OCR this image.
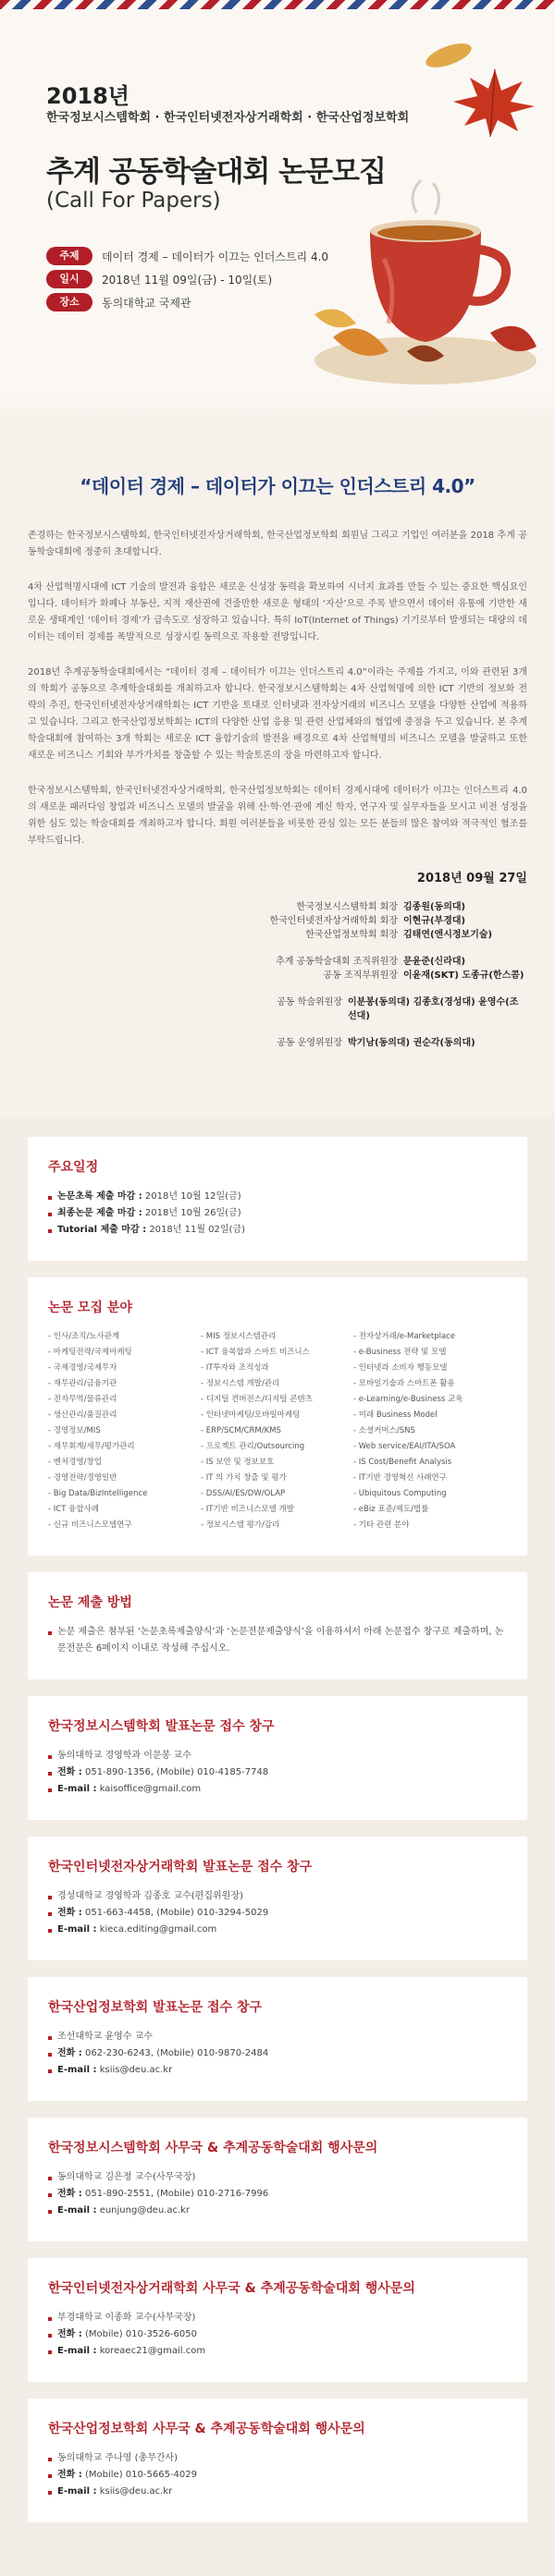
2018년
한국정보시스템학회 · 한국인터넷전자상거래학회 · 한국산업정보학회
추계 공동학술대회 논문모집
(Call For Papers)
주제	데이터 경제 – 데이터가 이끄는 인더스트리 4.0
일시	2018년 11월 09일(금) - 10일(토)
장소	동의대학교 국제관
“데이터 경제 – 데이터가 이끄는 인더스트리 4.0”

존경하는 한국정보시스템학회, 한국인터넷전자상거래학회, 한국산업정보학회 회원님 그리고 기업인 여러분을 2018 추계 공동학술대회에 정중히 초대합니다.

4차 산업혁명시대에 ICT 기술의 발전과 융합은 새로운 신성장 동력을 확보하여 시너지 효과를 만들 수 있는 중요한 핵심요인입니다. 데이터가 화폐나 부동산, 지적 재산권에 견줄만한 새로운 형태의 ‘자산’으로 주목 받으면서 데이터 유통에 기반한 새로운 생태계인 ‘데이터 경제’가 급속도로 성장하고 있습니다. 특히 IoT(Internet of Things) 기기로부터 발생되는 대량의 데이터는 데이터 경제를 폭발적으로 성장시킬 동력으로 작용할 전망입니다.

2018년 추계공동학술대회에서는 “데이터 경제 – 데이터가 이끄는 인더스트리 4.0”이라는 주제를 가지고, 이와 관련된 3개의 학회가 공동으로 추계학술대회를 개최하고자 합니다. 한국정보시스템학회는 4차 산업혁명에 의한 ICT 기반의 정보화 전략의 추진, 한국인터넷전자상거래학회는 ICT 기반을 토대로 인터넷과 전자상거래의 비즈니스 모델을 다양한 산업에 적용하고 있습니다. 그리고 한국산업정보학회는 ICT의 다양한 산업 응용 및 관련 산업체와의 협업에 중점을 두고 있습니다. 본 추계학술대회에 참여하는 3개 학회는 새로운 ICT 융합기술의 발전을 배경으로 4차 산업혁명의 비즈니스 모델을 발굴하고 또한 새로운 비즈니스 기회와 부가가치를 창출할 수 있는 학술토론의 장을 마련하고자 합니다.

한국정보시스템학회, 한국인터넷전자상거래학회, 한국산업정보학회는 데이터 경제시대에 데이터가 이끄는 인더스트리 4.0의 새로운 패러다임 창업과 비즈니스 모델의 발굴을 위해 산·학·연·관에 계신 학자, 연구자 및 실무자들을 모시고 비전 성정을 위한 심도 있는 학술대회를 개최하고자 합니다. 회원 여러분들을 비롯한 관심 있는 모든 분들의 많은 참여와 적극적인 협조를 부탁드립니다.

2018년 09월 27일
한국정보시스템학회 회장 김종원(동의대)
한국인터넷전자상거래학회 회장 이현규(부경대)
한국산업정보학회 회장 김태연(엔시정보기술)
추계 공동학술대회 조직위원장 문윤준(신라대)
공동 조직부위원장 이윤재(SKT) 도종규(한스콤)
공동 학술위원장 이분봉(동의대) 김종호(경성대) 윤영수(조선대)
공동 운영위원장 박기남(동의대) 권순각(동의대)
주요일정
논문초록 제출 마감 : 2018년 10월 12일(금)
최종논문 제출 마감 : 2018년 10월 26일(금)
Tutorial 제출 마감 : 2018년 11월 02일(금)
논문 모집 분야
- 인사/조직/노사관계
- 마케팅전략/국제마케팅
- 국제경영/국제무자
- 재무관리/금융기관
- 전자무역/물류관리
- 생산관리/품질관리
- 경영정보/MIS
- 재무회계/세무/평가관리
- 벤처경영/창업
- 경영전략/경영일반
- Big Data/BizIntelligence
- ICT 융합사례
- 신규 비즈니스모델연구
- MIS 정보시스템관리
- ICT 융복합과 스마트 비즈니스
- IT투자와 조직성과
- 정보시스템 개발/관리
- 디지털 컨버전스/디지털 콘텐츠
- 인터넷마케팅/모바일마케팅
- ERP/SCM/CRM/KMS
- 프로젝트 관리/Outsourcing
- IS 보안 및 정보보호
- IT 의 가치 창출 및 평가
- DSS/AI/ES/DW/OLAP
- IT기반 비즈니스모델 개발
- 정보시스템 평가/감리
- 전자상거래/e-Marketplace
- e-Business 전략 및 모델
- 인터넷과 소비자 행동모델
- 모바일기술과 스마트폰 활용
- e-Learning/e-Business 교육
- 미래 Business Model
- 소셜커머스/SNS
- Web service/EAI/ITA/SOA
- IS Cost/Benefit Analysis
- IT기반 경영혁신 사례연구
- Ubiquitous Computing
- eBiz 표준/제도/법률
- 기타 관련 분야
논문 제출 방법
논문 제출은 첨부된 ‘논문초록제출양식’과 ‘논문전문제출양식’을 이용하셔서 아래 논문접수 창구로 제출하며, 논문전문은 6페이지 이내로 작성해 주십시오.
한국정보시스템학회 발표논문 접수 창구
동의대학교 경영학과 이문봉 교수
전화 : 051-890-1356, (Mobile) 010-4185-7748
E-mail : kaisoffice@gmail.com
한국인터넷전자상거래학회 발표논문 접수 창구
경성대학교 경영학과 김종호 교수(편집위원장)
전화 : 051-663-4458, (Mobile) 010-3294-5029
E-mail : kieca.editing@gmail.com
한국산업정보학회 발표논문 접수 창구
조선대학교 윤영수 교수
전화 : 062-230-6243, (Mobile) 010-9870-2484
E-mail : ksiis@deu.ac.kr
한국정보시스템학회 사무국 & 추계공동학술대회 행사문의
동의대학교 김은정 교수(사무국장)
전화 : 051-890-2551, (Mobile) 010-2716-7996
E-mail : eunjung@deu.ac.kr
한국인터넷전자상거래학회 사무국 & 추계공동학술대회 행사문의
부경대학교 이종화 교수(사무국장)
전화 : (Mobile) 010-3526-6050
E-mail : koreaec21@gmail.com
한국산업정보학회 사무국 & 추계공동학술대회 행사문의
동의대학교 주나영 (총무간사)
전화 : (Mobile) 010-5665-4029
E-mail : ksiis@deu.ac.kr
